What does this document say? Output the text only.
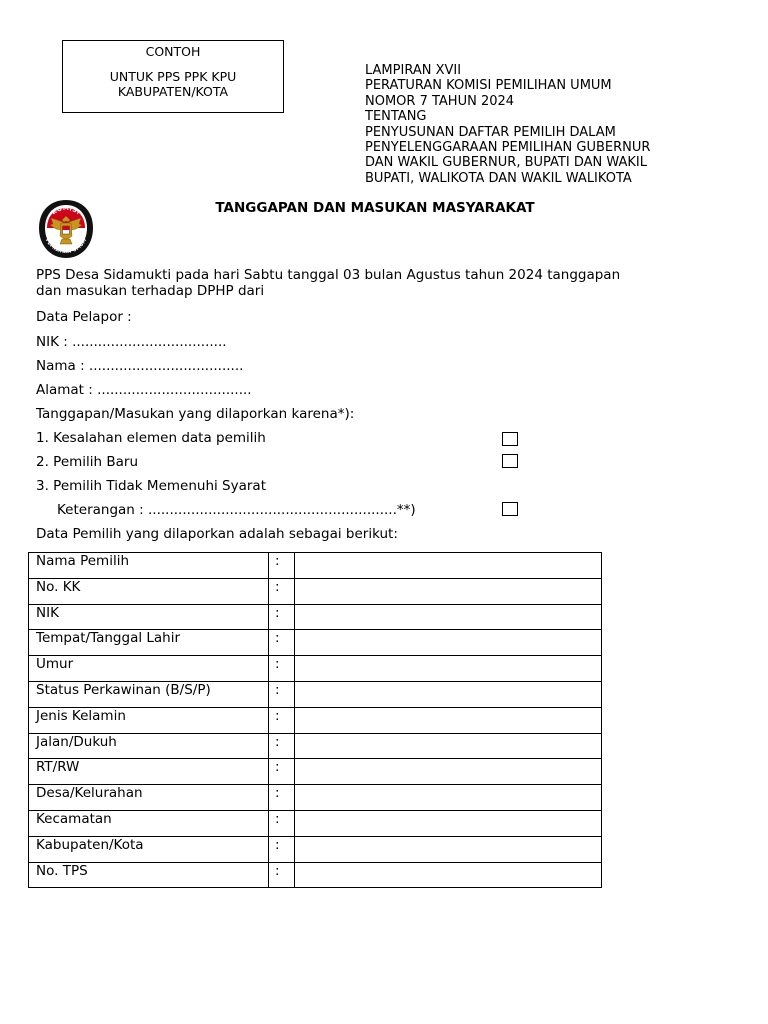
CONTOH
UNTUK PPS PPK KPU
KABUPATEN/KOTA
LAMPIRAN XVII
PERATURAN KOMISI PEMILIHAN UMUM
NOMOR 7 TAHUN 2024
TENTANG
PENYUSUNAN DAFTAR PEMILIH DALAM
PENYELENGGARAAN PEMILIHAN GUBERNUR
DAN WAKIL GUBERNUR, BUPATI DAN WAKIL
BUPATI, WALIKOTA DAN WAKIL WALIKOTA
KOMISI
PEMILIHAN UMUM
TANGGAPAN DAN MASUKAN MASYARAKAT
PPS Desa Sidamukti pada hari Sabtu tanggal 03 bulan Agustus tahun 2024 tanggapan
dan masukan terhadap DPHP dari
Data Pelapor :
NIK : ....................................
Nama : ....................................
Alamat : ....................................
Tanggapan/Masukan yang dilaporkan karena*):
1. Kesalahan elemen data pemilih
2. Pemilih Baru
3. Pemilih Tidak Memenuhi Syarat
Keterangan : ..........................................................**)
Data Pemilih yang dilaporkan adalah sebagai berikut:
Nama Pemilih	:	
No. KK	:	
NIK	:	
Tempat/Tanggal Lahir	:	
Umur	:	
Status Perkawinan (B/S/P)	:	
Jenis Kelamin	:	
Jalan/Dukuh	:	
RT/RW	:	
Desa/Kelurahan	:	
Kecamatan	:	
Kabupaten/Kota	:	
No. TPS	:	
